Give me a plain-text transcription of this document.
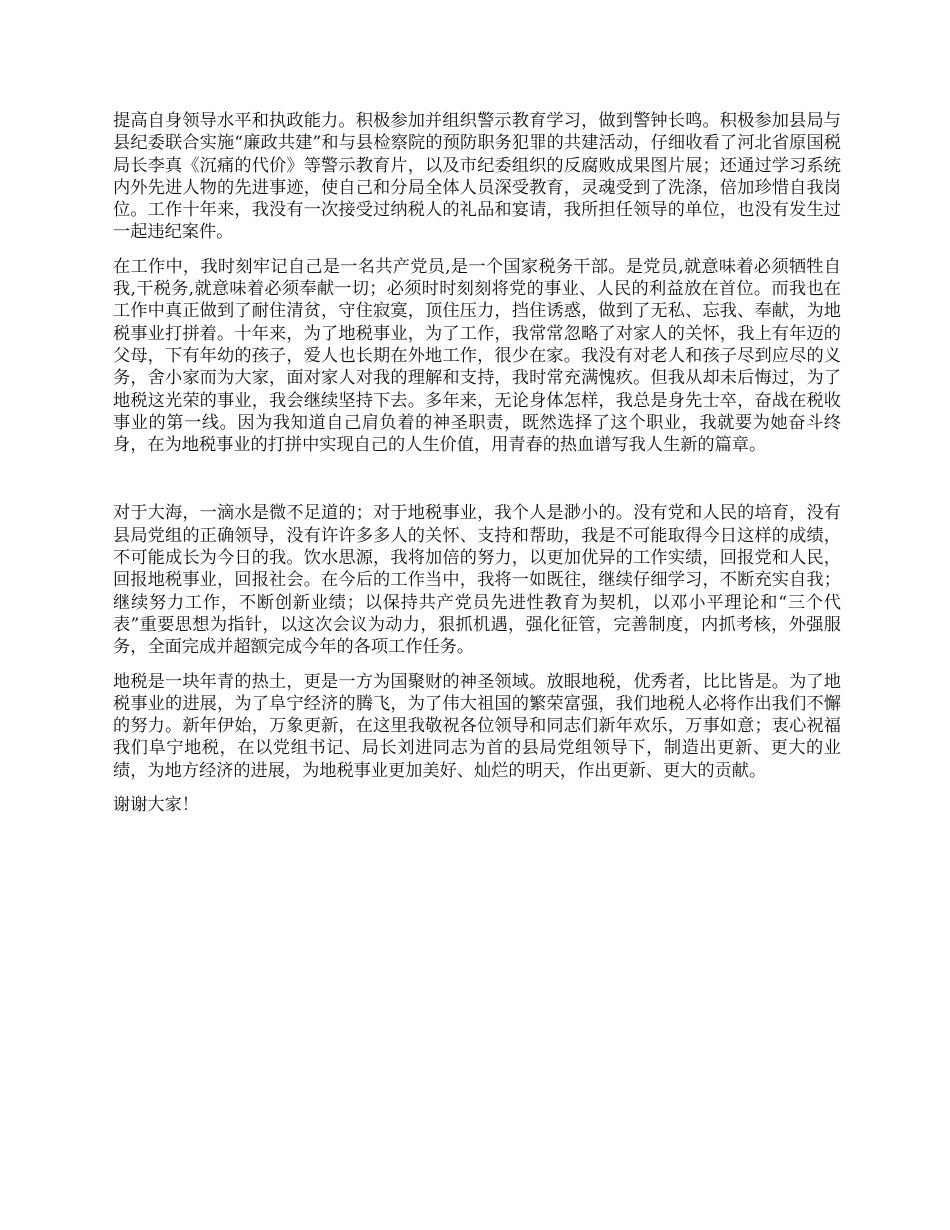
提高自身领导水平和执政能力。积极参加并组织警示教育学习，做到警钟长鸣。积极参加县局与县纪委联合实施“廉政共建”和与县检察院的预防职务犯罪的共建活动，仔细收看了河北省原国税局长李真《沉痛的代价》等警示教育片，以及市纪委组织的反腐败成果图片展；还通过学习系统内外先进人物的先进事迹，使自己和分局全体人员深受教育，灵魂受到了洗涤，倍加珍惜自我岗位。工作十年来，我没有一次接受过纳税人的礼品和宴请，我所担任领导的单位，也没有发生过一起违纪案件。

在工作中，我时刻牢记自己是一名共产党员,是一个国家税务干部。是党员,就意味着必须牺牲自我,干税务,就意味着必须奉献一切；必须时时刻刻将党的事业、人民的利益放在首位。而我也在工作中真正做到了耐住清贫，守住寂寞，顶住压力，挡住诱惑，做到了无私、忘我、奉献，为地税事业打拼着。十年来，为了地税事业，为了工作，我常常忽略了对家人的关怀，我上有年迈的父母，下有年幼的孩子，爱人也长期在外地工作，很少在家。我没有对老人和孩子尽到应尽的义务，舍小家而为大家，面对家人对我的理解和支持，我时常充满愧疚。但我从却未后悔过，为了地税这光荣的事业，我会继续坚持下去。多年来，无论身体怎样，我总是身先士卒，奋战在税收事业的第一线。因为我知道自己肩负着的神圣职责，既然选择了这个职业，我就要为她奋斗终身，在为地税事业的打拼中实现自己的人生价值，用青春的热血谱写我人生新的篇章。

对于大海，一滴水是微不足道的；对于地税事业，我个人是渺小的。没有党和人民的培育，没有县局党组的正确领导，没有许许多多人的关怀、支持和帮助，我是不可能取得今日这样的成绩，不可能成长为今日的我。饮水思源，我将加倍的努力，以更加优异的工作实绩，回报党和人民，回报地税事业，回报社会。在今后的工作当中，我将一如既往，继续仔细学习，不断充实自我；继续努力工作，不断创新业绩；以保持共产党员先进性教育为契机，以邓小平理论和“三个代表”重要思想为指针，以这次会议为动力，狠抓机遇，强化征管，完善制度，内抓考核，外强服务，全面完成并超额完成今年的各项工作任务。

地税是一块年青的热土，更是一方为国聚财的神圣领域。放眼地税，优秀者，比比皆是。为了地税事业的进展，为了阜宁经济的腾飞，为了伟大祖国的繁荣富强，我们地税人必将作出我们不懈的努力。新年伊始，万象更新，在这里我敬祝各位领导和同志们新年欢乐，万事如意；衷心祝福我们阜宁地税，在以党组书记、局长刘进同志为首的县局党组领导下，制造出更新、更大的业绩，为地方经济的进展，为地税事业更加美好、灿烂的明天，作出更新、更大的贡献。

谢谢大家！
